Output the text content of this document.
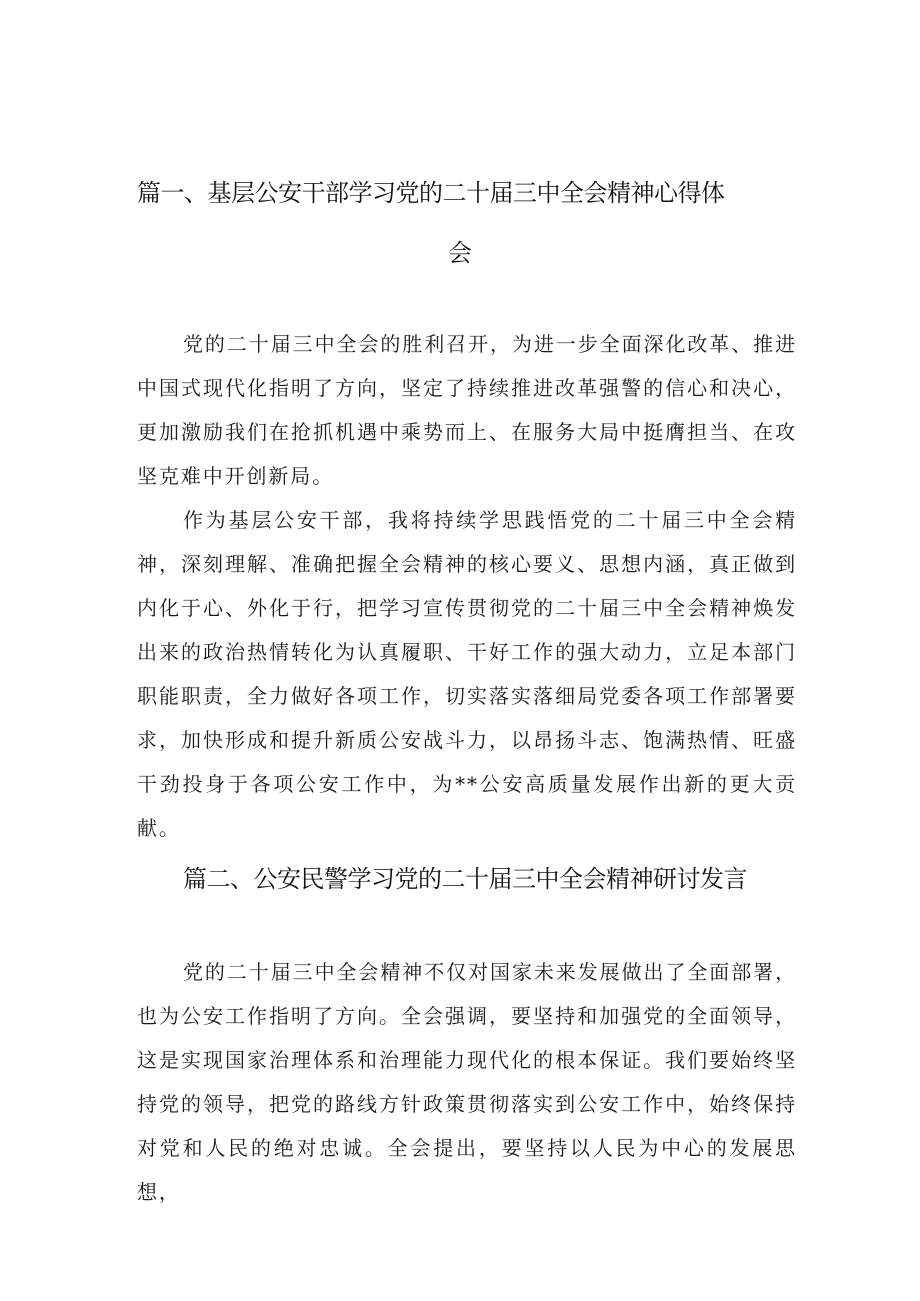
篇一、基层公安干部学习党的二十届三中全会精神心得体
会

党的二十届三中全会的胜利召开，为进一步全面深化改革、推进中国式现代化指明了方向，坚定了持续推进改革强警的信心和决心，更加激励我们在抢抓机遇中乘势而上、在服务大局中挺膺担当、在攻坚克难中开创新局。

作为基层公安干部，我将持续学思践悟党的二十届三中全会精神，深刻理解、准确把握全会精神的核心要义、思想内涵，真正做到内化于心、外化于行，把学习宣传贯彻党的二十届三中全会精神焕发出来的政治热情转化为认真履职、干好工作的强大动力，立足本部门职能职责，全力做好各项工作，切实落实落细局党委各项工作部署要求，加快形成和提升新质公安战斗力，以昂扬斗志、饱满热情、旺盛干劲投身于各项公安工作中，为**公安高质量发展作出新的更大贡献。

篇二、公安民警学习党的二十届三中全会精神研讨发言

党的二十届三中全会精神不仅对国家未来发展做出了全面部署，也为公安工作指明了方向。全会强调，要坚持和加强党的全面领导，这是实现国家治理体系和治理能力现代化的根本保证。我们要始终坚持党的领导，把党的路线方针政策贯彻落实到公安工作中，始终保持对党和人民的绝对忠诚。全会提出，要坚持以人民为中心的发展思想，
